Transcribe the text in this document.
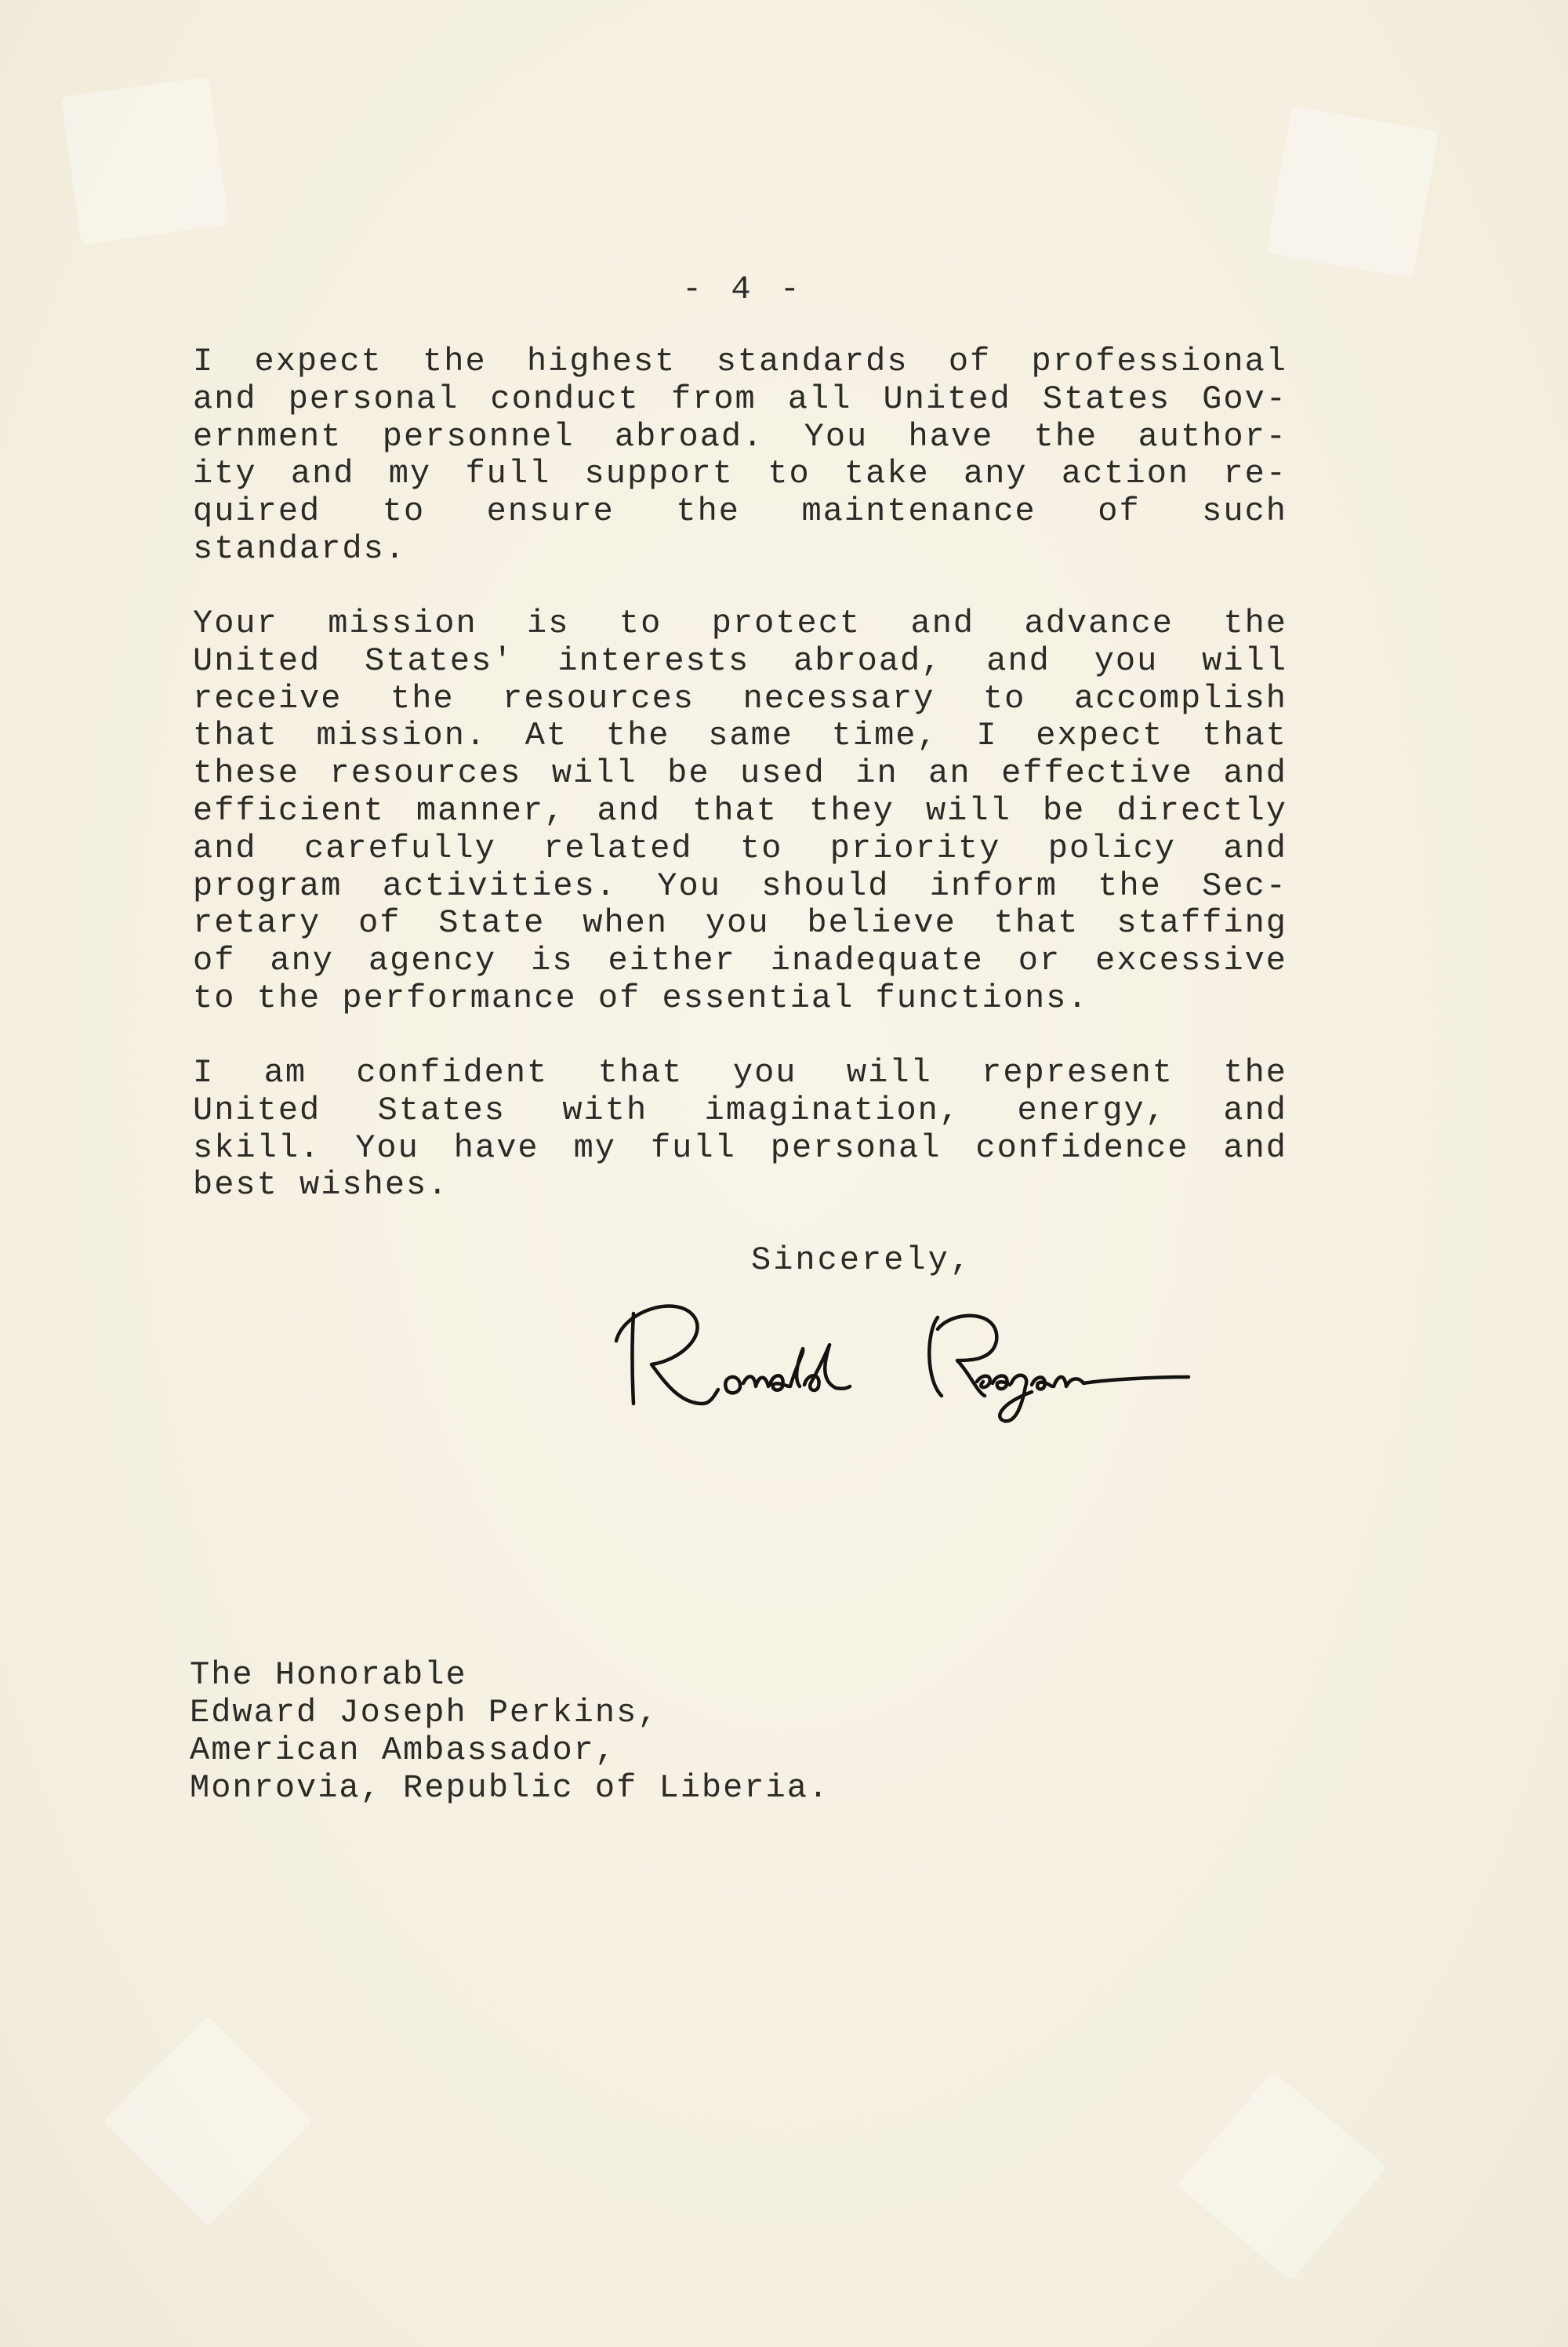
- 4 -
I expect the highest standards of professional
and personal conduct from all United States Gov-
ernment personnel abroad. You have the author-
ity and my full support to take any action re-
quired to ensure the maintenance of such
standards.
Your mission is to protect and advance the
United States' interests abroad, and you will
receive the resources necessary to accomplish
that mission. At the same time, I expect that
these resources will be used in an effective and
efficient manner, and that they will be directly
and carefully related to priority policy and
program activities. You should inform the Sec-
retary of State when you believe that staffing
of any agency is either inadequate or excessive
to the performance of essential functions.
I am confident that you will represent the
United States with imagination, energy, and
skill. You have my full personal confidence and
best wishes.
Sincerely,
The Honorable
Edward Joseph Perkins,
American Ambassador,
Monrovia, Republic of Liberia.
